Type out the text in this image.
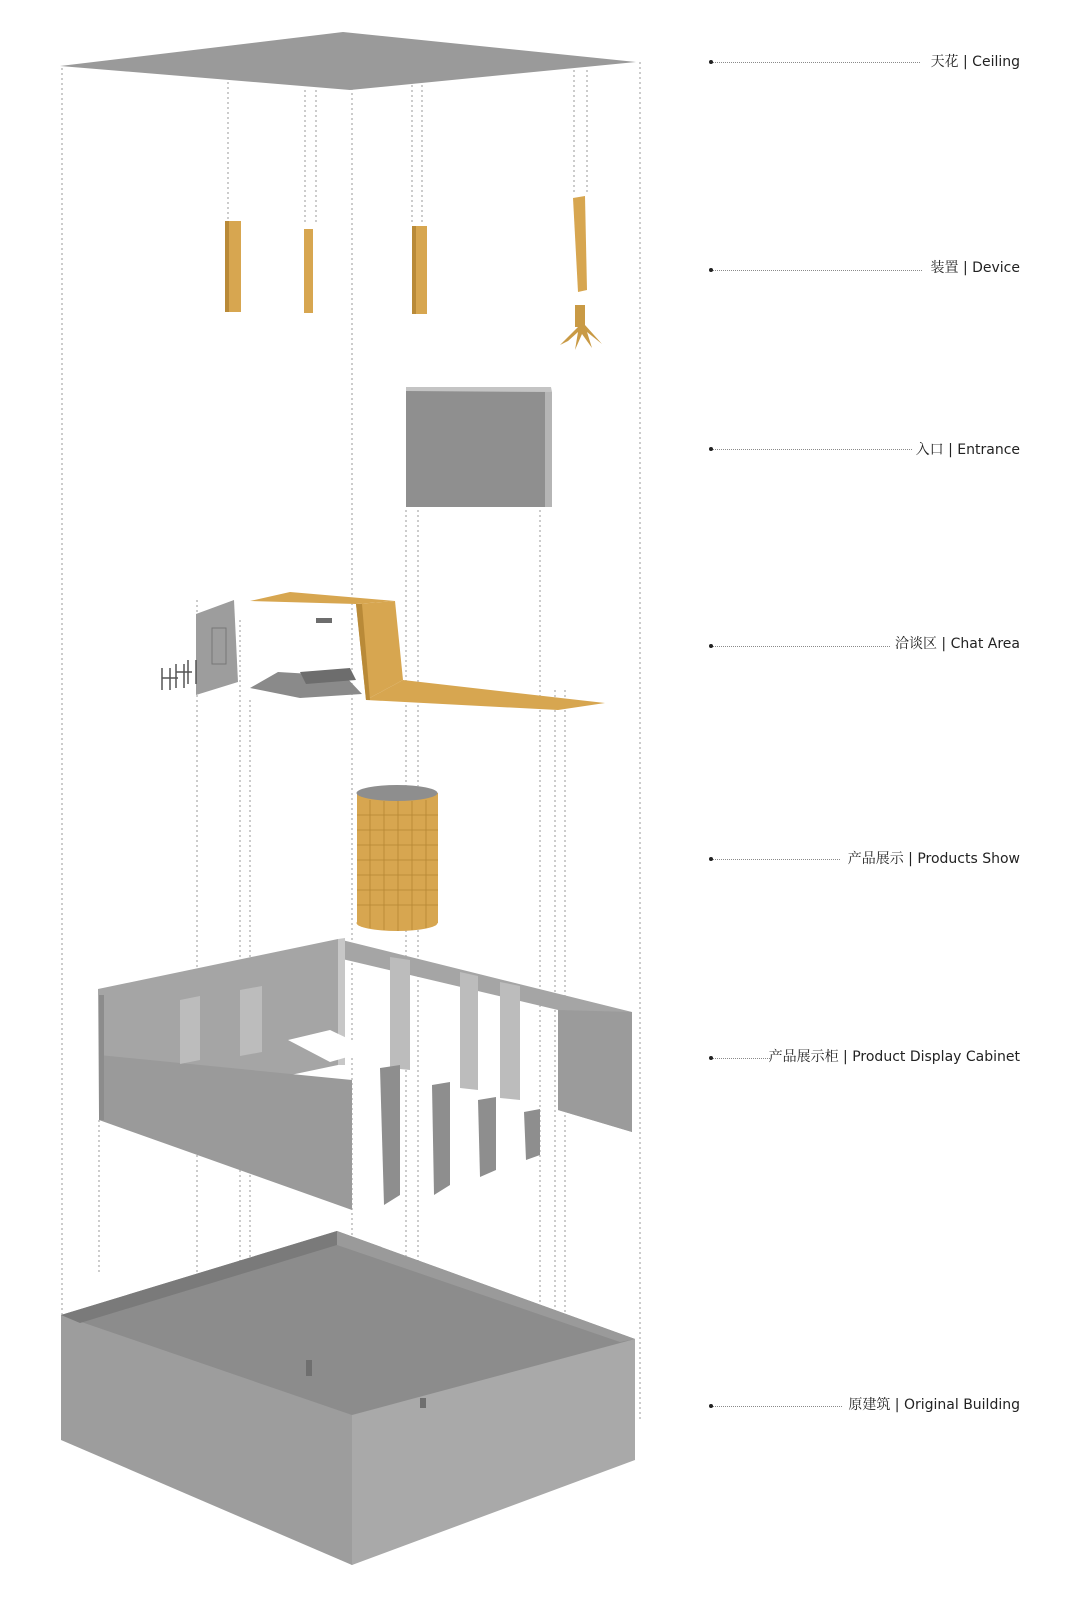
天花 | Ceiling
装置 | Device
入口 | Entrance
洽谈区 | Chat Area
产品展示 | Products Show
产品展示柜 | Product Display Cabinet
原建筑 | Original Building
